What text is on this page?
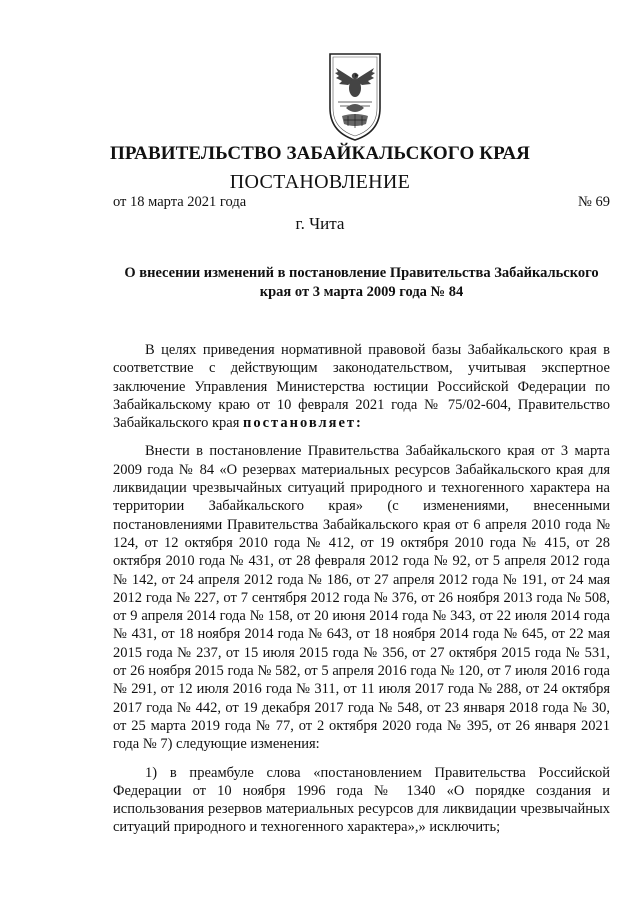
ПРАВИТЕЛЬСТВО ЗАБАЙКАЛЬСКОГО КРАЯ
ПОСТАНОВЛЕНИЕ
от 18 марта 2021 года	№ 69
г. Чита
О внесении изменений в постановление Правительства Забайкальского края от 3 марта 2009 года № 84

В целях приведения нормативной правовой базы Забайкальского края в соответствие с действующим законодательством, учитывая экспертное заключение Управления Министерства юстиции Российской Федерации по Забайкальскому краю от 10 февраля 2021 года № 75/02-604, Правительство Забайкальского края постановляет:

Внести в постановление Правительства Забайкальского края от 3 марта 2009 года № 84 «О резервах материальных ресурсов Забайкальского края для ликвидации чрезвычайных ситуаций природного и техногенного характера на территории Забайкальского края» (с изменениями, внесенными постановлениями Правительства Забайкальского края от 6 апреля 2010 года № 124, от 12 октября 2010 года № 412, от 19 октября 2010 года № 415, от 28 октября 2010 года № 431, от 28 февраля 2012 года № 92, от 5 апреля 2012 года № 142, от 24 апреля 2012 года № 186, от 27 апреля 2012 года № 191, от 24 мая 2012 года № 227, от 7 сентября 2012 года № 376, от 26 ноября 2013 года № 508, от 9 апреля 2014 года № 158, от 20 июня 2014 года № 343, от 22 июля 2014 года № 431, от 18 ноября 2014 года № 643, от 18 ноября 2014 года № 645, от 22 мая 2015 года № 237, от 15 июля 2015 года № 356, от 27 октября 2015 года № 531, от 26 ноября 2015 года № 582, от 5 апреля 2016 года № 120, от 7 июля 2016 года № 291, от 12 июля 2016 года № 311, от 11 июля 2017 года № 288, от 24 октября 2017 года № 442, от 19 декабря 2017 года № 548, от 23 января 2018 года № 30, от 25 марта 2019 года № 77, от 2 октября 2020 года № 395, от 26 января 2021 года № 7) следующие изменения:

1) в преамбуле слова «постановлением Правительства Российской Федерации от 10 ноября 1996 года № 1340 «О порядке создания и использования резервов материальных ресурсов для ликвидации чрезвычайных ситуаций природного и техногенного характера»,» исключить;
